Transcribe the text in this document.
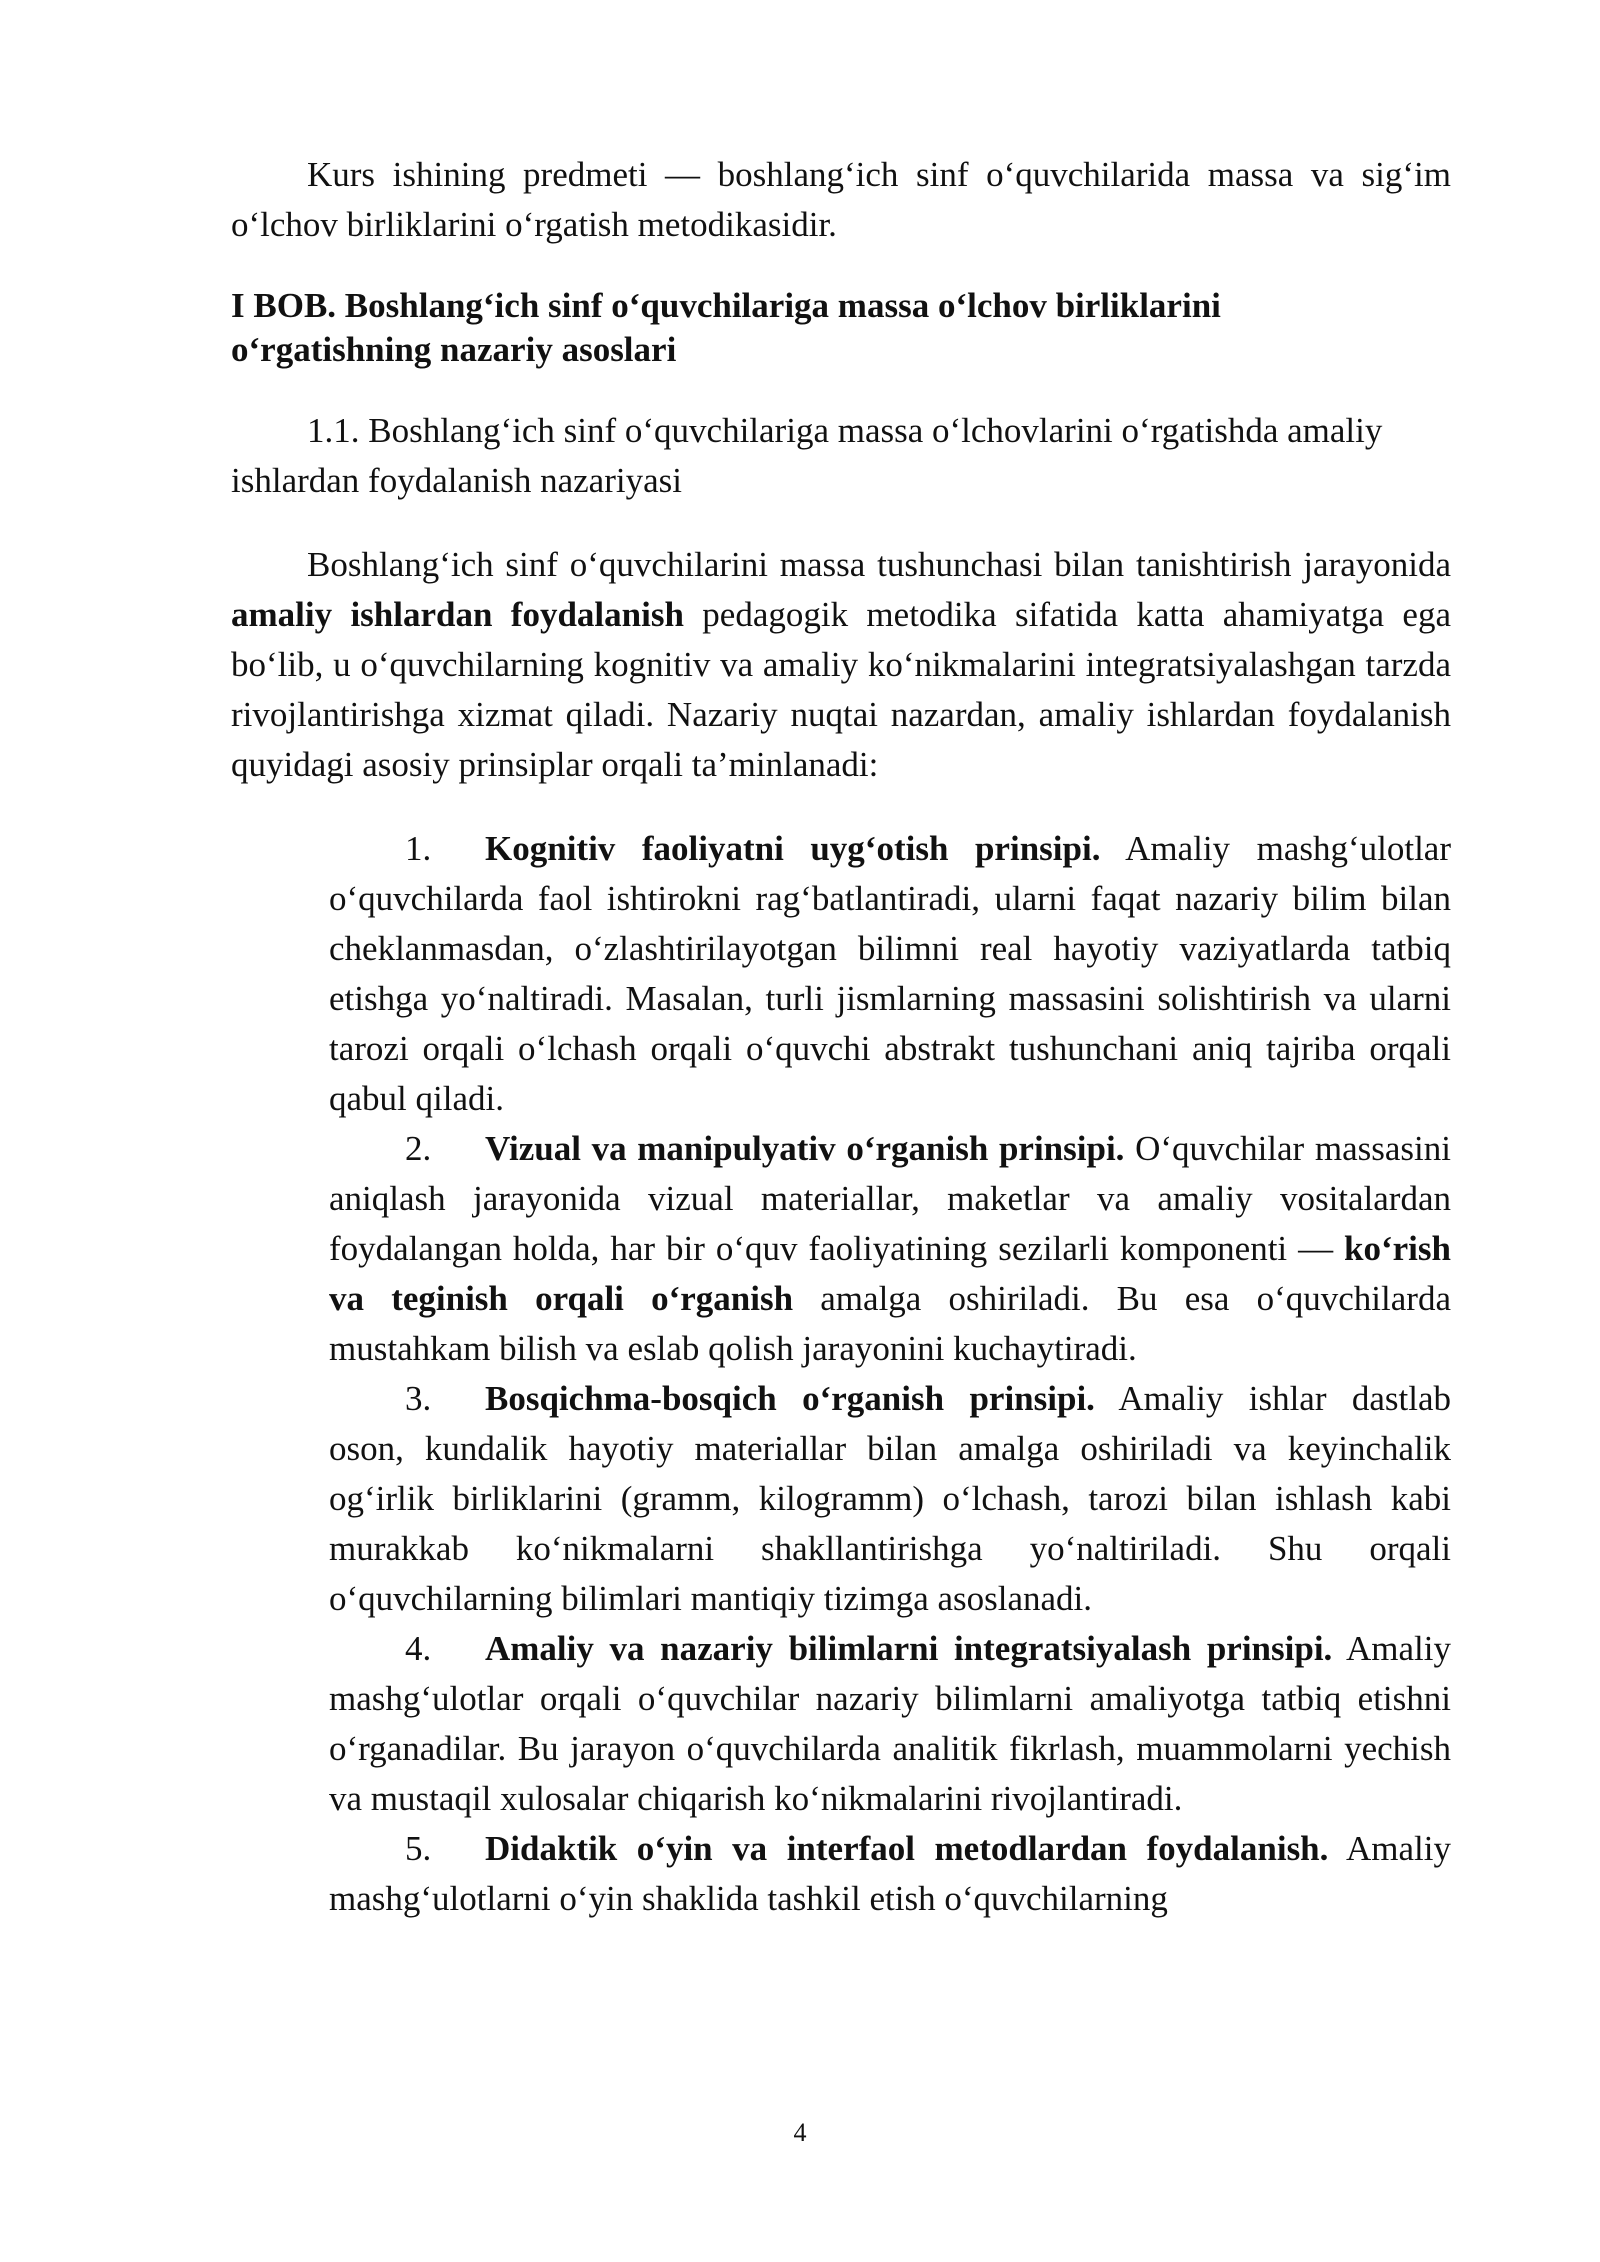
Kurs ishining predmeti — boshlang‘ich sinf o‘quvchilarida massa va sig‘im o‘lchov birliklarini o‘rgatish metodikasidir.

I BOB. Boshlang‘ich sinf o‘quvchilariga massa o‘lchov birliklarini
o‘rgatishning nazariy asoslari

1.1. Boshlang‘ich sinf o‘quvchilariga massa o‘lchovlarini o‘rgatishda amaliy ishlardan foydalanish nazariyasi

Boshlang‘ich sinf o‘quvchilarini massa tushunchasi bilan tanishtirish jarayonida amaliy ishlardan foydalanish pedagogik metodika sifatida katta ahamiyatga ega bo‘lib, u o‘quvchilarning kognitiv va amaliy ko‘nikmalarini integratsiyalashgan tarzda rivojlantirishga xizmat qiladi. Nazariy nuqtai nazardan, amaliy ishlardan foydalanish quyidagi asosiy prinsiplar orqali ta’minlanadi:

1. Kognitiv faoliyatni uyg‘otish prinsipi. Amaliy mashg‘ulotlar o‘quvchilarda faol ishtirokni rag‘batlantiradi, ularni faqat nazariy bilim bilan cheklanmasdan, o‘zlashtirilayotgan bilimni real hayotiy vaziyatlarda tatbiq etishga yo‘naltiradi. Masalan, turli jismlarning massasini solishtirish va ularni tarozi orqali o‘lchash orqali o‘quvchi abstrakt tushunchani aniq tajriba orqali qabul qiladi.
2. Vizual va manipulyativ o‘rganish prinsipi. O‘quvchilar massasini aniqlash jarayonida vizual materiallar, maketlar va amaliy vositalardan foydalangan holda, har bir o‘quv faoliyatining sezilarli komponenti — ko‘rish va teginish orqali o‘rganish amalga oshiriladi. Bu esa o‘quvchilarda mustahkam bilish va eslab qolish jarayonini kuchaytiradi.
3. Bosqichma-bosqich o‘rganish prinsipi. Amaliy ishlar dastlab oson, kundalik hayotiy materiallar bilan amalga oshiriladi va keyinchalik og‘irlik birliklarini (gramm, kilogramm) o‘lchash, tarozi bilan ishlash kabi murakkab ko‘nikmalarni shakllantirishga yo‘naltiriladi. Shu orqali o‘quvchilarning bilimlari mantiqiy tizimga asoslanadi.
4. Amaliy va nazariy bilimlarni integratsiyalash prinsipi. Amaliy mashg‘ulotlar orqali o‘quvchilar nazariy bilimlarni amaliyotga tatbiq etishni o‘rganadilar. Bu jarayon o‘quvchilarda analitik fikrlash, muammolarni yechish va mustaqil xulosalar chiqarish ko‘nikmalarini rivojlantiradi.
5. Didaktik o‘yin va interfaol metodlardan foydalanish. Amaliy mashg‘ulotlarni o‘yin shaklida tashkil etish o‘quvchilarning
4
